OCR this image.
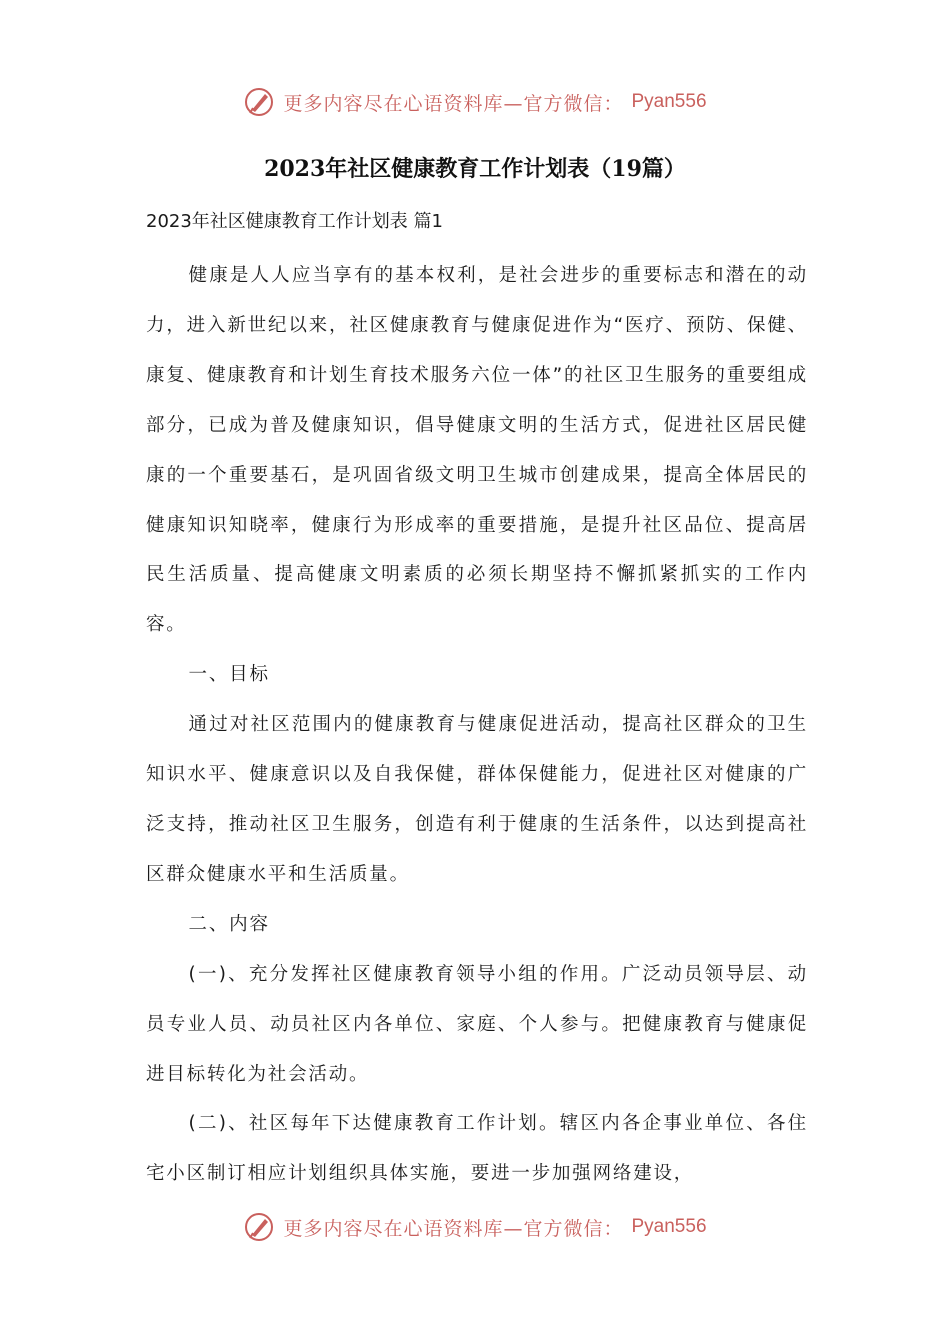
更多内容尽在心语资料库—官方微信： Pyan556
2023年社区健康教育工作计划表（19篇）
2023年社区健康教育工作计划表 篇1

健康是人人应当享有的基本权利，是社会进步的重要标志和潜在的动力，进入新世纪以来，社区健康教育与健康促进作为“医疗、预防、保健、康复、健康教育和计划生育技术服务六位一体”的社区卫生服务的重要组成部分，已成为普及健康知识，倡导健康文明的生活方式，促进社区居民健康的一个重要基石，是巩固省级文明卫生城市创建成果，提高全体居民的健康知识知晓率，健康行为形成率的重要措施，是提升社区品位、提高居民生活质量、提高健康文明素质的必须长期坚持不懈抓紧抓实的工作内容。

一、目标

通过对社区范围内的健康教育与健康促进活动，提高社区群众的卫生知识水平、健康意识以及自我保健，群体保健能力，促进社区对健康的广泛支持，推动社区卫生服务，创造有利于健康的生活条件，以达到提高社区群众健康水平和生活质量。

二、内容

(一)、充分发挥社区健康教育领导小组的作用。广泛动员领导层、动员专业人员、动员社区内各单位、家庭、个人参与。把健康教育与健康促进目标转化为社会活动。

(二)、社区每年下达健康教育工作计划。辖区内各企事业单位、各住宅小区制订相应计划组织具体实施，要进一步加强网络建设，

更多内容尽在心语资料库—官方微信： Pyan556
